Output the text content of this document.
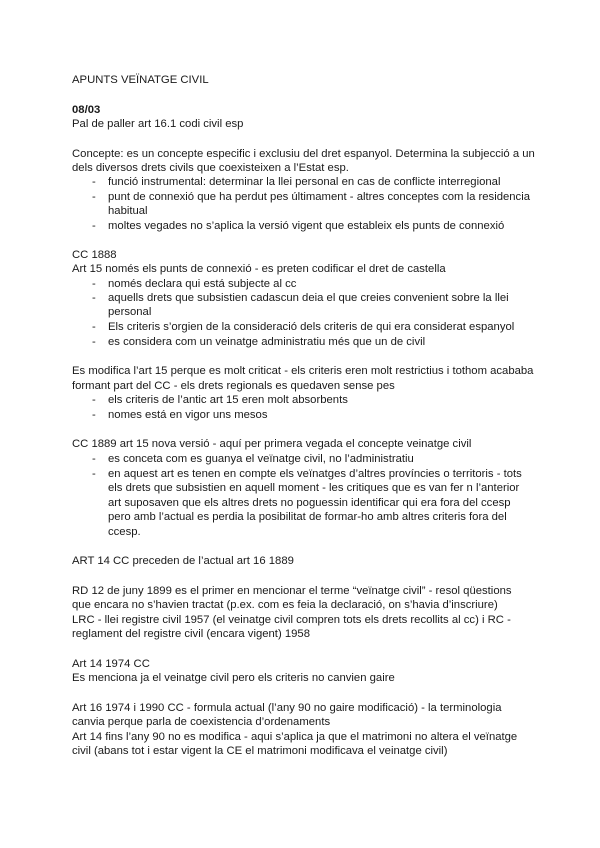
APUNTS VEÏNATGE CIVIL
08/03
Pal de paller art 16.1 codi civil esp
Concepte: es un concepte especific i exclusiu del dret espanyol. Determina la subjecció a un
dels diversos drets civils que coexisteixen a l’Estat esp.
- funció instrumental: determinar la llei personal en cas de conflicte interregional
- punt de connexió que ha perdut pes últimament - altres conceptes com la residencia
habitual
- moltes vegades no s’aplica la versió vigent que estableix els punts de connexió
CC 1888
Art 15 només els punts de connexió - es preten codificar el dret de castella
- només declara qui está subjecte al cc
- aquells drets que subsistien cadascun deia el que creies convenient sobre la llei
personal
- Els criteris s’orgien de la consideració dels criteris de qui era considerat espanyol
- es considera com un veinatge administratiu més que un de civil
Es modifica l’art 15 perque es molt criticat - els criteris eren molt restrictius i tothom acababa
formant part del CC - els drets regionals es quedaven sense pes
- els criteris de l’antic art 15 eren molt absorbents
- nomes está en vigor uns mesos
CC 1889 art 15 nova versió - aquí per primera vegada el concepte veinatge civil
- es conceta com es guanya el veïnatge civil, no l’administratiu
- en aquest art es tenen en compte els veïnatges d’altres províncies o territoris - tots
els drets que subsistien en aquell moment - les critiques que es van fer n l’anterior
art suposaven que els altres drets no poguessin identificar qui era fora del ccesp
pero amb l’actual es perdia la posibilitat de formar-ho amb altres criteris fora del
ccesp.
ART 14 CC preceden de l’actual art 16 1889
RD 12 de juny 1899 es el primer en mencionar el terme “veïnatge civil” - resol qüestions
que encara no s’havien tractat (p.ex. com es feia la declaració, on s’havia d’inscriure)
LRC - llei registre civil 1957 (el veinatge civil compren tots els drets recollits al cc) i RC -
reglament del registre civil (encara vigent) 1958
Art 14 1974 CC
Es menciona ja el veinatge civil pero els criteris no canvien gaire
Art 16 1974 i 1990 CC - formula actual (l’any 90 no gaire modificació) - la terminologia
canvia perque parla de coexistencia d’ordenaments
Art 14 fins l’any 90 no es modifica - aqui s’aplica ja que el matrimoni no altera el veïnatge
civil (abans tot i estar vigent la CE el matrimoni modificava el veinatge civil)
